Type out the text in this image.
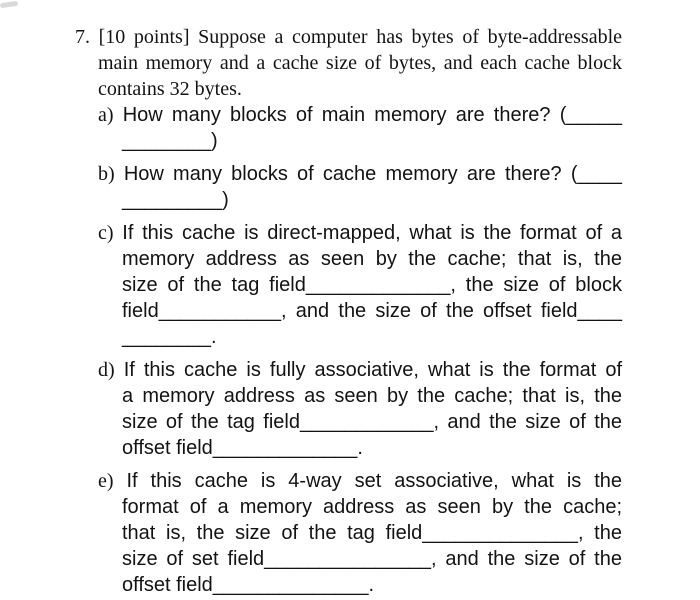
7. [10 points] Suppose a computer has bytes of byte-addressable
main memory and a cache size of bytes, and each cache block
contains 32 bytes.
a) How many blocks of main memory are there? (_____
________)
b) How many blocks of cache memory are there? (____
_________)
c) If this cache is direct-mapped, what is the format of a
memory address as seen by the cache; that is, the
size of the tag field_____________, the size of block
field___________, and the size of the offset field____
________.
d) If this cache is fully associative, what is the format of
a memory address as seen by the cache; that is, the
size of the tag field____________, and the size of the
offset field_____________.
e) If this cache is 4-way set associative, what is the
format of a memory address as seen by the cache;
that is, the size of the tag field______________, the
size of set field_______________, and the size of the
offset field______________.
